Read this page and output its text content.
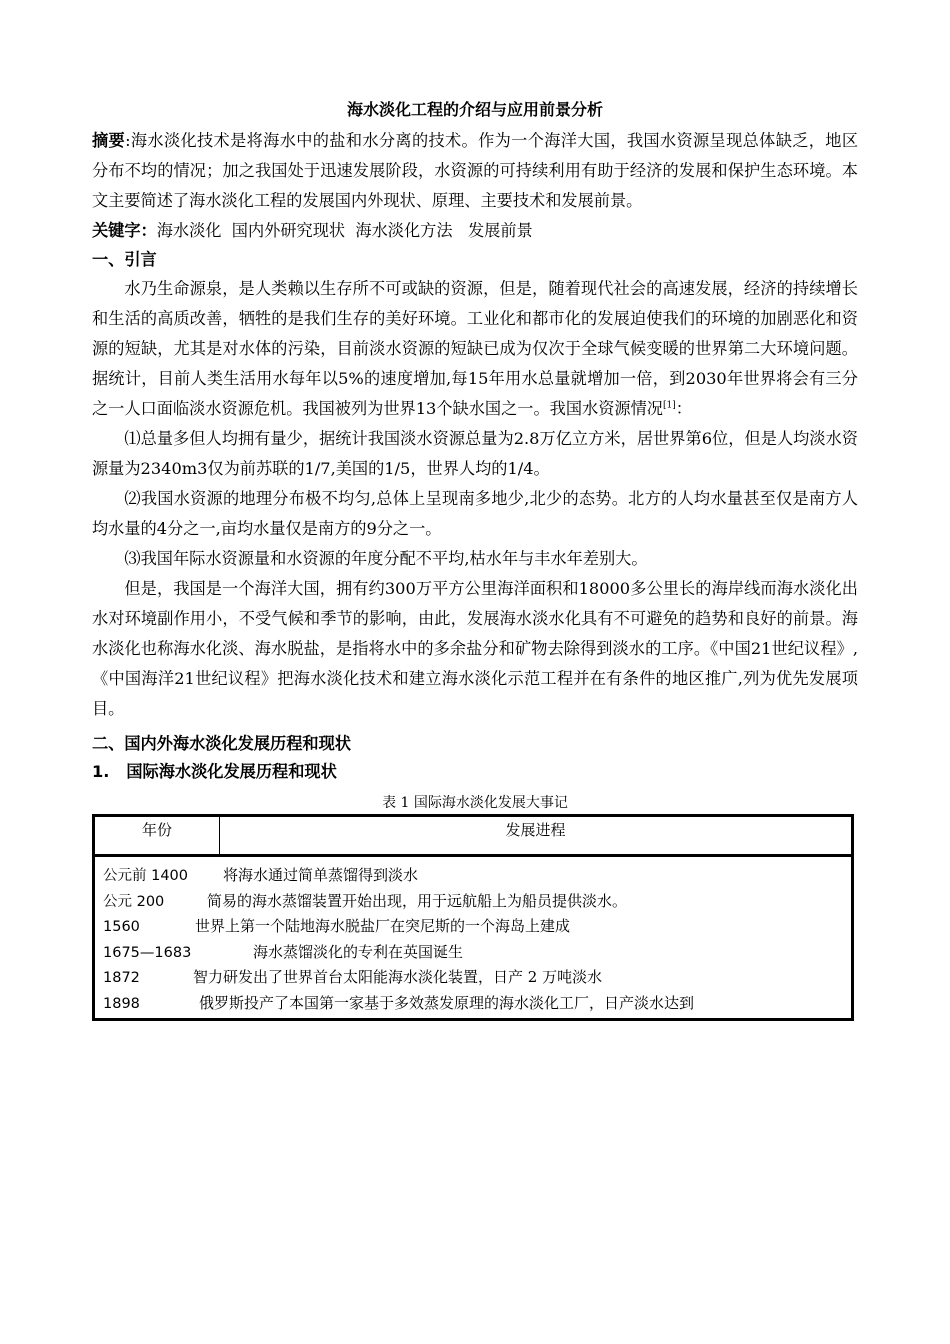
海水淡化工程的介绍与应用前景分析

摘要:海水淡化技术是将海水中的盐和水分离的技术。作为一个海洋大国，我国水资源呈现总体缺乏，地区分布不均的情况；加之我国处于迅速发展阶段，水资源的可持续利用有助于经济的发展和保护生态环境。本文主要简述了海水淡化工程的发展国内外现状、原理、主要技术和发展前景。

关键字：海水淡化  国内外研究现状  海水淡化方法   发展前景

一、引言

水乃生命源泉，是人类赖以生存所不可或缺的资源，但是，随着现代社会的高速发展，经济的持续增长和生活的高质改善，牺牲的是我们生存的美好环境。工业化和都市化的发展迫使我们的环境的加剧恶化和资源的短缺，尤其是对水体的污染，目前淡水资源的短缺已成为仅次于全球气候变暖的世界第二大环境问题。据统计，目前人类生活用水每年以5%的速度增加,每15年用水总量就增加一倍，到2030年世界将会有三分之一人口面临淡水资源危机。我国被列为世界13个缺水国之一。我国水资源情况[1]：

⑴总量多但人均拥有量少，据统计我国淡水资源总量为2.8万亿立方米，居世界第6位，但是人均淡水资源量为2340m3仅为前苏联的1/7,美国的1/5，世界人均的1/4。

⑵我国水资源的地理分布极不均匀,总体上呈现南多地少,北少的态势。北方的人均水量甚至仅是南方人均水量的4分之一,亩均水量仅是南方的9分之一。

⑶我国年际水资源量和水资源的年度分配不平均,枯水年与丰水年差别大。

但是，我国是一个海洋大国，拥有约300万平方公里海洋面积和18000多公里长的海岸线而海水淡化出水对环境副作用小，不受气候和季节的影响，由此，发展海水淡水化具有不可避免的趋势和良好的前景。海水淡化也称海水化淡、海水脱盐，是指将水中的多余盐分和矿物去除得到淡水的工序。《中国21世纪议程》,《中国海洋21世纪议程》把海水淡化技术和建立海水淡化示范工程并在有条件的地区推广,列为优先发展项目。

二、国内外海水淡化发展历程和现状

1.   国际海水淡化发展历程和现状

表 1 国际海水淡化发展大事记
年份	发展进程

公元前 1400 将海水通过简单蒸馏得到淡水
公元 200	简易的海水蒸馏装置开始出现，用于远航船上为船员提供淡水。
1560	世界上第一个陆地海水脱盐厂在突尼斯的一个海岛上建成
1675—1683	海水蒸馏淡化的专利在英国诞生
1872	智力研发出了世界首台太阳能海水淡化装置，日产 2 万吨淡水
1898	俄罗斯投产了本国第一家基于多效蒸发原理的海水淡化工厂，日产淡水达到
